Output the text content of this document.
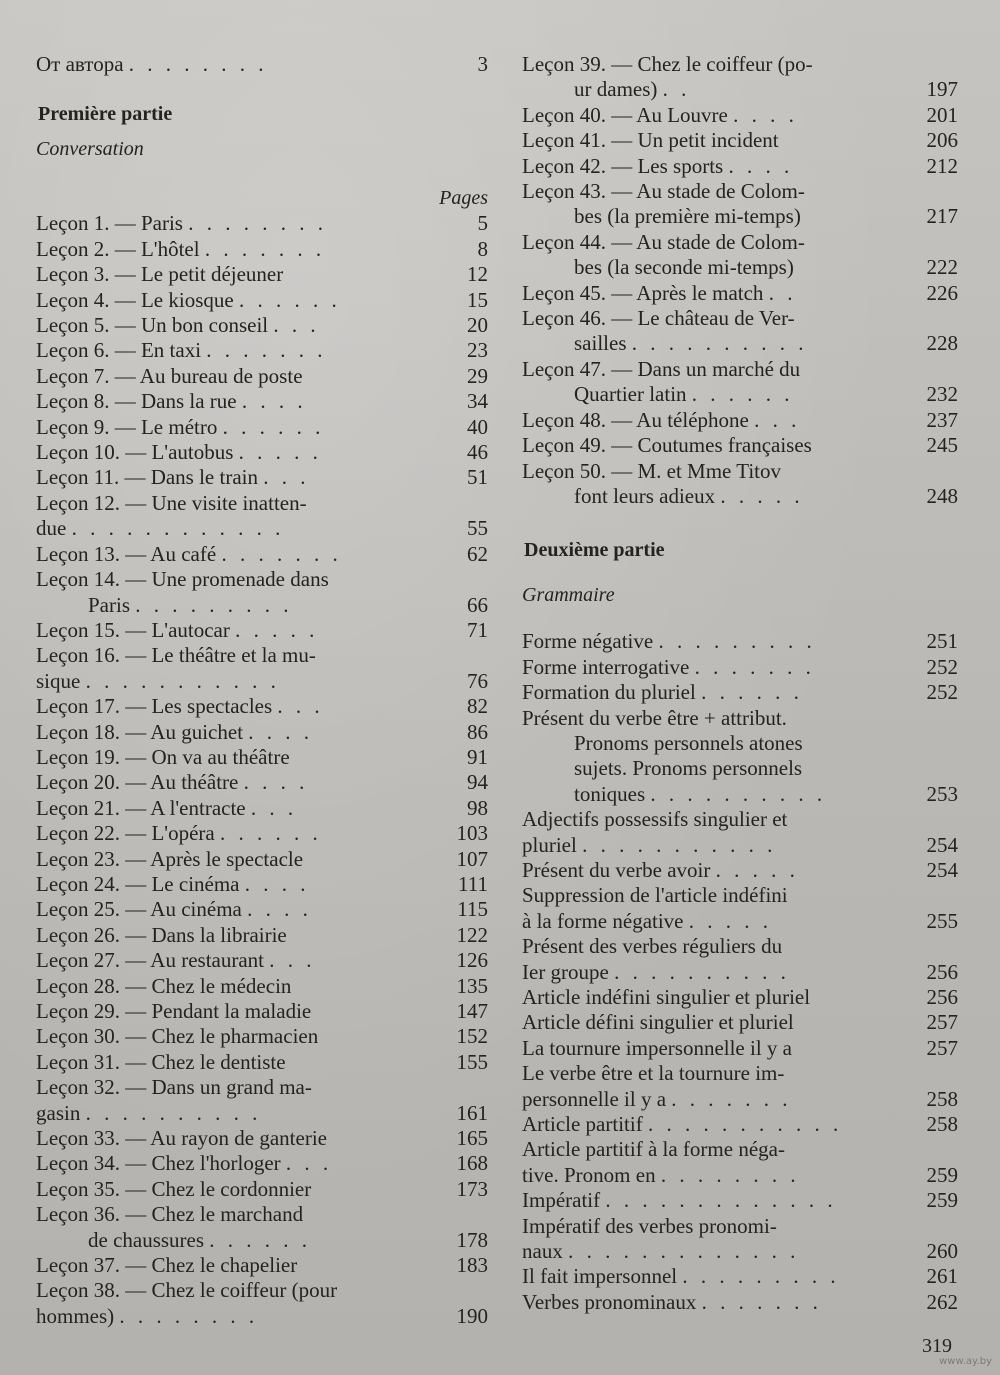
От автора . . . . . . . .	3
Première partie
Conversation
Pages
Leçon 1. — Paris . . . . . . . .	5
Leçon 2. — L'hôtel . . . . . . .	8
Leçon 3. — Le petit déjeuner	12
Leçon 4. — Le kiosque . . . . . .	15
Leçon 5. — Un bon conseil . . .	20
Leçon 6. — En taxi . . . . . . .	23
Leçon 7. — Au bureau de poste	29
Leçon 8. — Dans la rue . . . .	34
Leçon 9. — Le métro . . . . . .	40
Leçon 10. — L'autobus . . . . .	46
Leçon 11. — Dans le train . . .	51
Leçon 12. — Une visite inatten-
due . . . . . . . . . . . .	55
Leçon 13. — Au café . . . . . . .	62
Leçon 14. — Une promenade dans
Paris . . . . . . . . .	66
Leçon 15. — L'autocar . . . . .	71
Leçon 16. — Le théâtre et la mu-
sique . . . . . . . . . . .	76
Leçon 17. — Les spectacles . . .	82
Leçon 18. — Au guichet . . . .	86
Leçon 19. — On va au théâtre	91
Leçon 20. — Au théâtre . . . .	94
Leçon 21. — A l'entracte . . .	98
Leçon 22. — L'opéra . . . . . .	103
Leçon 23. — Après le spectacle	107
Leçon 24. — Le cinéma . . . .	111
Leçon 25. — Au cinéma . . . .	115
Leçon 26. — Dans la librairie	122
Leçon 27. — Au restaurant . . .	126
Leçon 28. — Chez le médecin	135
Leçon 29. — Pendant la maladie	147
Leçon 30. — Chez le pharmacien	152
Leçon 31. — Chez le dentiste	155
Leçon 32. — Dans un grand ma-
gasin . . . . . . . . . .	161
Leçon 33. — Au rayon de ganterie	165
Leçon 34. — Chez l'horloger . . .	168
Leçon 35. — Chez le cordonnier	173
Leçon 36. — Chez le marchand
de chaussures . . . . . .	178
Leçon 37. — Chez le chapelier	183
Leçon 38. — Chez le coiffeur (pour
hommes) . . . . . . . .	190
Leçon 39. — Chez le coiffeur (po-
ur dames) . .	197
Leçon 40. — Au Louvre . . . .	201
Leçon 41. — Un petit incident	206
Leçon 42. — Les sports . . . .	212
Leçon 43. — Au stade de Colom-
bes (la première mi-temps)	217
Leçon 44. — Au stade de Colom-
bes (la seconde mi-temps)	222
Leçon 45. — Après le match . .	226
Leçon 46. — Le château de Ver-
sailles . . . . . . . . . .	228
Leçon 47. — Dans un marché du
Quartier latin . . . . . .	232
Leçon 48. — Au téléphone . . .	237
Leçon 49. — Coutumes françaises	245
Leçon 50. — M. et Mme Titov
font leurs adieux . . . . .	248
Deuxième partie
Grammaire
Forme négative . . . . . . . . .	251
Forme interrogative . . . . . . .	252
Formation du pluriel . . . . . .	252
Présent du verbe être + attribut.
Pronoms personnels atones
sujets. Pronoms personnels
toniques . . . . . . . . . .	253
Adjectifs possessifs singulier et
pluriel . . . . . . . . . . .	254
Présent du verbe avoir . . . . .	254
Suppression de l'article indéfini
à la forme négative . . . . .	255
Présent des verbes réguliers du
Ier groupe . . . . . . . . . .	256
Article indéfini singulier et pluriel	256
Article défini singulier et pluriel	257
La tournure impersonnelle il y a	257
Le verbe être et la tournure im-
personnelle il y a . . . . . . .	258
Article partitif . . . . . . . . . . .	258
Article partitif à la forme néga-
tive. Pronom en . . . . . . . .	259
Impératif . . . . . . . . . . . . .	259
Impératif des verbes pronomi-
naux . . . . . . . . . . . . .	260
Il fait impersonnel . . . . . . . . .	261
Verbes pronominaux . . . . . . .	262
319
www.ay.by
